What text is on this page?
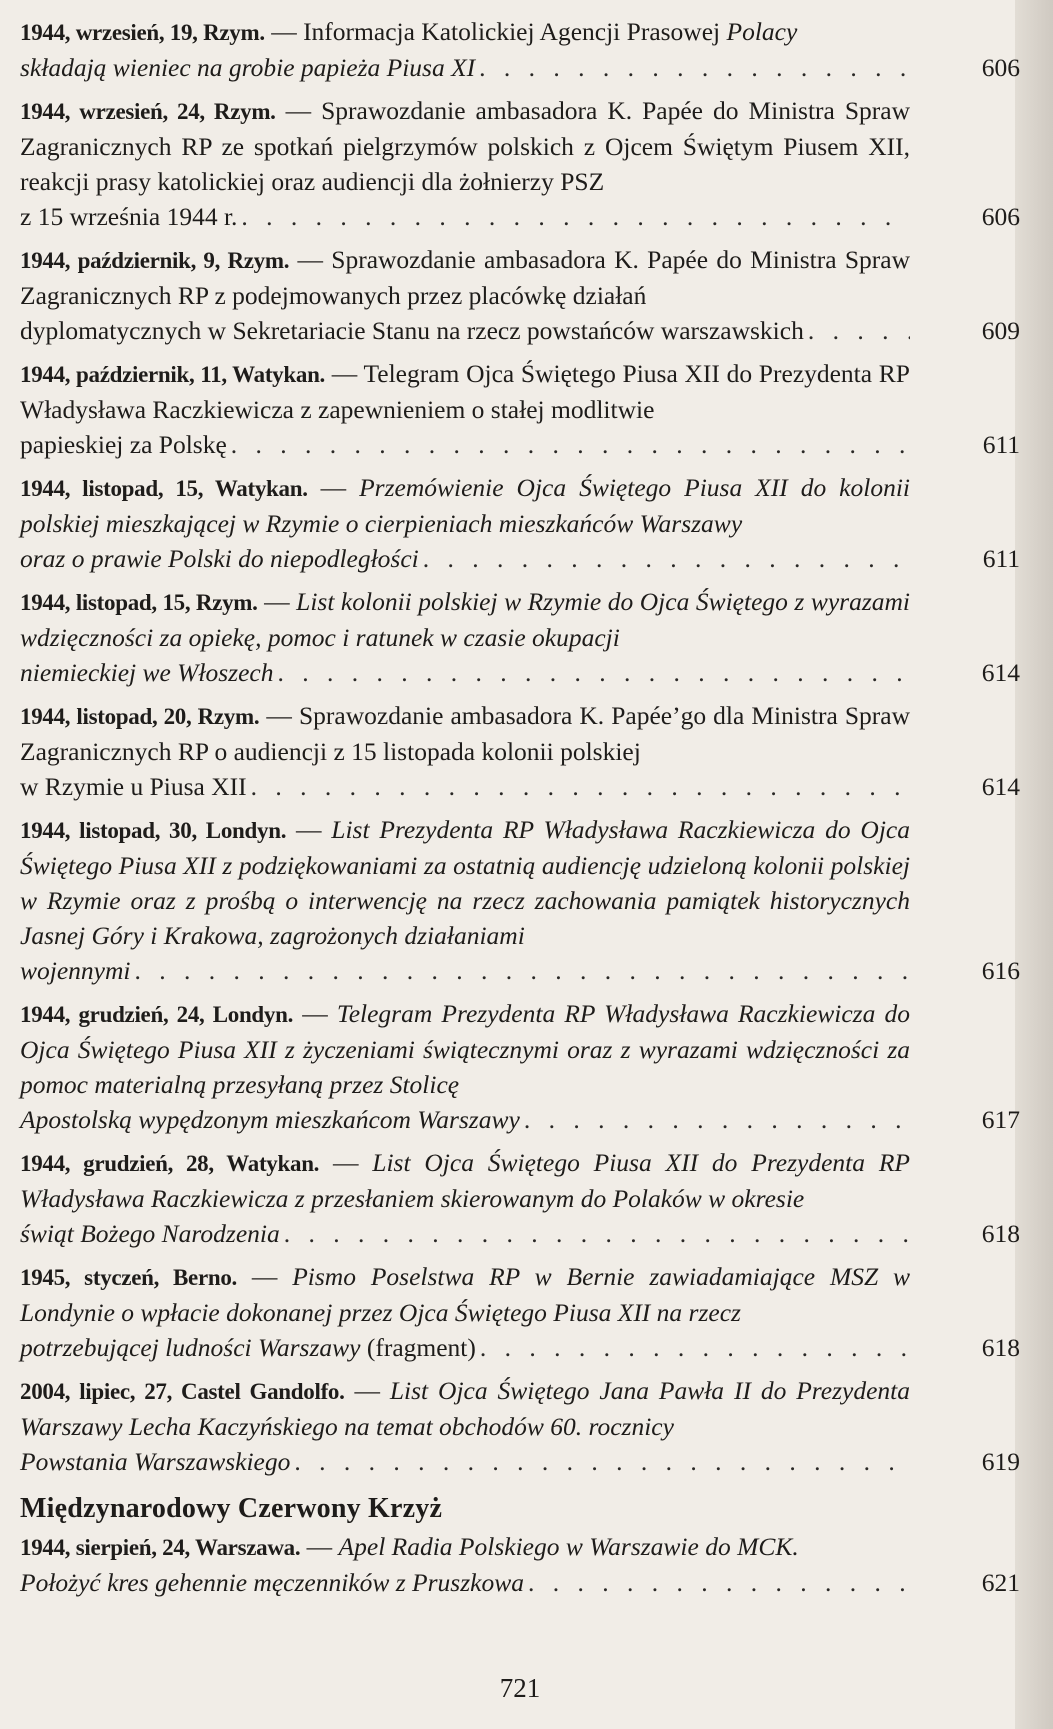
1944, wrzesień, 19, Rzym. — Informacja Katolickiej Agencji Prasowej Polacy
składają wieniec na grobie papieża Piusa XI . . .	606
1944, wrzesień, 24, Rzym. — Sprawozdanie ambasadora K. Papée do Ministra Spraw Zagranicznych RP ze spotkań pielgrzymów polskich z Ojcem Świętym Piusem XII, reakcji prasy katolickiej oraz audiencji dla żołnierzy PSZ
z 15 września 1944 r. . . .	606
1944, październik, 9, Rzym. — Sprawozdanie ambasadora K. Papée do Ministra Spraw Zagranicznych RP z podejmowanych przez placówkę działań
dyplomatycznych w Sekretariacie Stanu na rzecz powstańców warszawskich . . .	609
1944, październik, 11, Watykan. — Telegram Ojca Świętego Piusa XII do Prezydenta RP Władysława Raczkiewicza z zapewnieniem o stałej modlitwie
papieskiej za Polskę . . .	611
1944, listopad, 15, Watykan. — Przemówienie Ojca Świętego Piusa XII do kolonii polskiej mieszkającej w Rzymie o cierpieniach mieszkańców Warszawy
oraz o prawie Polski do niepodległości . . .	611
1944, listopad, 15, Rzym. — List kolonii polskiej w Rzymie do Ojca Świętego z wyrazami wdzięczności za opiekę, pomoc i ratunek w czasie okupacji
niemieckiej we Włoszech . . .	614
1944, listopad, 20, Rzym. — Sprawozdanie ambasadora K. Papée’go dla Ministra Spraw Zagranicznych RP o audiencji z 15 listopada kolonii polskiej
w Rzymie u Piusa XII . . .	614
1944, listopad, 30, Londyn. — List Prezydenta RP Władysława Raczkiewicza do Ojca Świętego Piusa XII z podziękowaniami za ostatnią audiencję udzieloną kolonii polskiej w Rzymie oraz z prośbą o interwencję na rzecz zachowania pamiątek historycznych Jasnej Góry i Krakowa, zagrożonych działaniami
wojennymi . . .	616
1944, grudzień, 24, Londyn. — Telegram Prezydenta RP Władysława Raczkiewicza do Ojca Świętego Piusa XII z życzeniami świątecznymi oraz z wyrazami wdzięczności za pomoc materialną przesyłaną przez Stolicę
Apostolską wypędzonym mieszkańcom Warszawy . . .	617
1944, grudzień, 28, Watykan. — List Ojca Świętego Piusa XII do Prezydenta RP Władysława Raczkiewicza z przesłaniem skierowanym do Polaków w okresie
świąt Bożego Narodzenia . . .	618
1945, styczeń, Berno. — Pismo Poselstwa RP w Bernie zawiadamiające MSZ w Londynie o wpłacie dokonanej przez Ojca Świętego Piusa XII na rzecz
potrzebującej ludności Warszawy (fragment) . . .	618
2004, lipiec, 27, Castel Gandolfo. — List Ojca Świętego Jana Pawła II do Prezydenta Warszawy Lecha Kaczyńskiego na temat obchodów 60. rocznicy
Powstania Warszawskiego . . .	619
Międzynarodowy Czerwony Krzyż
1944, sierpień, 24, Warszawa. — Apel Radia Polskiego w Warszawie do MCK.
Położyć kres gehennie męczenników z Pruszkowa . . .	621
721
